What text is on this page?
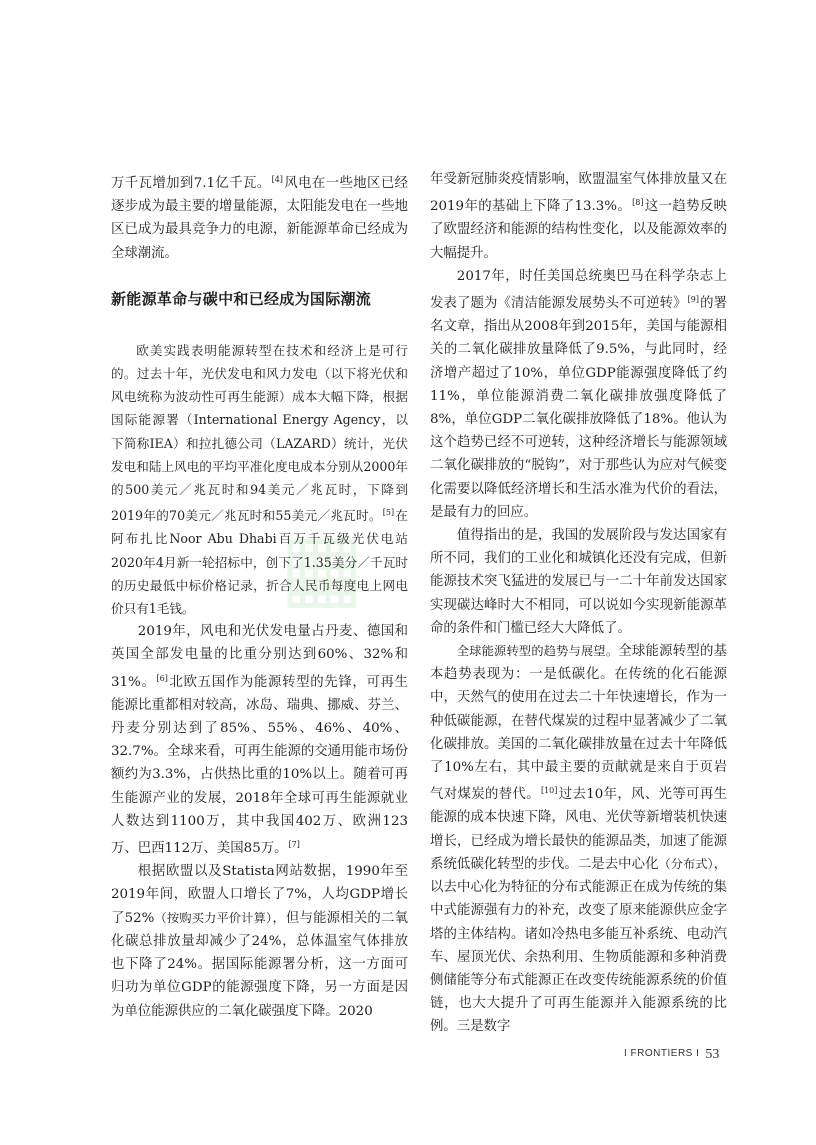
▦

万千瓦增加到7.1亿千瓦。[4]风电在一些地区已经逐步成为最主要的增量能源，太阳能发电在一些地区已成为最具竞争力的电源，新能源革命已经成为全球潮流。

新能源革命与碳中和已经成为国际潮流

欧美实践表明能源转型在技术和经济上是可行的。过去十年，光伏发电和风力发电（以下将光伏和风电统称为波动性可再生能源）成本大幅下降，根据国际能源署（International Energy Agency，以下简称IEA）和拉扎德公司（LAZARD）统计，光伏发电和陆上风电的平均平准化度电成本分别从2000年的500美元／兆瓦时和94美元／兆瓦时，下降到2019年的70美元／兆瓦时和55美元／兆瓦时。[5]在阿布扎比Noor Abu Dhabi百万千瓦级光伏电站2020年4月新一轮招标中，创下了1.35美分／千瓦时的历史最低中标价格记录，折合人民币每度电上网电价只有1毛钱。

2019年，风电和光伏发电量占丹麦、德国和英国全部发电量的比重分别达到60%、32%和31%。[6]北欧五国作为能源转型的先锋，可再生能源比重都相对较高，冰岛、瑞典、挪威、芬兰、丹麦分别达到了85%、55%、46%、40%、32.7%。全球来看，可再生能源的交通用能市场份额约为3.3%，占供热比重的10%以上。随着可再生能源产业的发展，2018年全球可再生能源就业人数达到1100万，其中我国402万、欧洲123万、巴西112万、美国85万。[7]

根据欧盟以及Statista网站数据，1990年至2019年间，欧盟人口增长了7%，人均GDP增长了52%（按购买力平价计算），但与能源相关的二氧化碳总排放量却减少了24%，总体温室气体排放也下降了24%。据国际能源署分析，这一方面可归功为单位GDP的能源强度下降，另一方面是因为单位能源供应的二氧化碳强度下降。2020

年受新冠肺炎疫情影响，欧盟温室气体排放量又在2019年的基础上下降了13.3%。[8]这一趋势反映了欧盟经济和能源的结构性变化，以及能源效率的大幅提升。

2017年，时任美国总统奥巴马在科学杂志上发表了题为《清洁能源发展势头不可逆转》[9]的署名文章，指出从2008年到2015年，美国与能源相关的二氧化碳排放量降低了9.5%，与此同时，经济增产超过了10%，单位GDP能源强度降低了约11%，单位能源消费二氧化碳排放强度降低了8%，单位GDP二氧化碳排放降低了18%。他认为这个趋势已经不可逆转，这种经济增长与能源领域二氧化碳排放的“脱钩”，对于那些认为应对气候变化需要以降低经济增长和生活水准为代价的看法，是最有力的回应。

值得指出的是，我国的发展阶段与发达国家有所不同，我们的工业化和城镇化还没有完成，但新能源技术突飞猛进的发展已与一二十年前发达国家实现碳达峰时大不相同，可以说如今实现新能源革命的条件和门槛已经大大降低了。

全球能源转型的趋势与展望。全球能源转型的基本趋势表现为：一是低碳化。在传统的化石能源中，天然气的使用在过去二十年快速增长，作为一种低碳能源，在替代煤炭的过程中显著减少了二氧化碳排放。美国的二氧化碳排放量在过去十年降低了10%左右，其中最主要的贡献就是来自于页岩气对煤炭的替代。[10]过去10年，风、光等可再生能源的成本快速下降，风电、光伏等新增装机快速增长，已经成为增长最快的能源品类，加速了能源系统低碳化转型的步伐。二是去中心化（分布式），以去中心化为特征的分布式能源正在成为传统的集中式能源强有力的补充，改变了原来能源供应金字塔的主体结构。诸如冷热电多能互补系统、电动汽车、屋顶光伏、余热利用、生物质能源和多种消费侧储能等分布式能源正在改变传统能源系统的价值链，也大大提升了可再生能源并入能源系统的比例。三是数字

I FRONTIERS I 53
